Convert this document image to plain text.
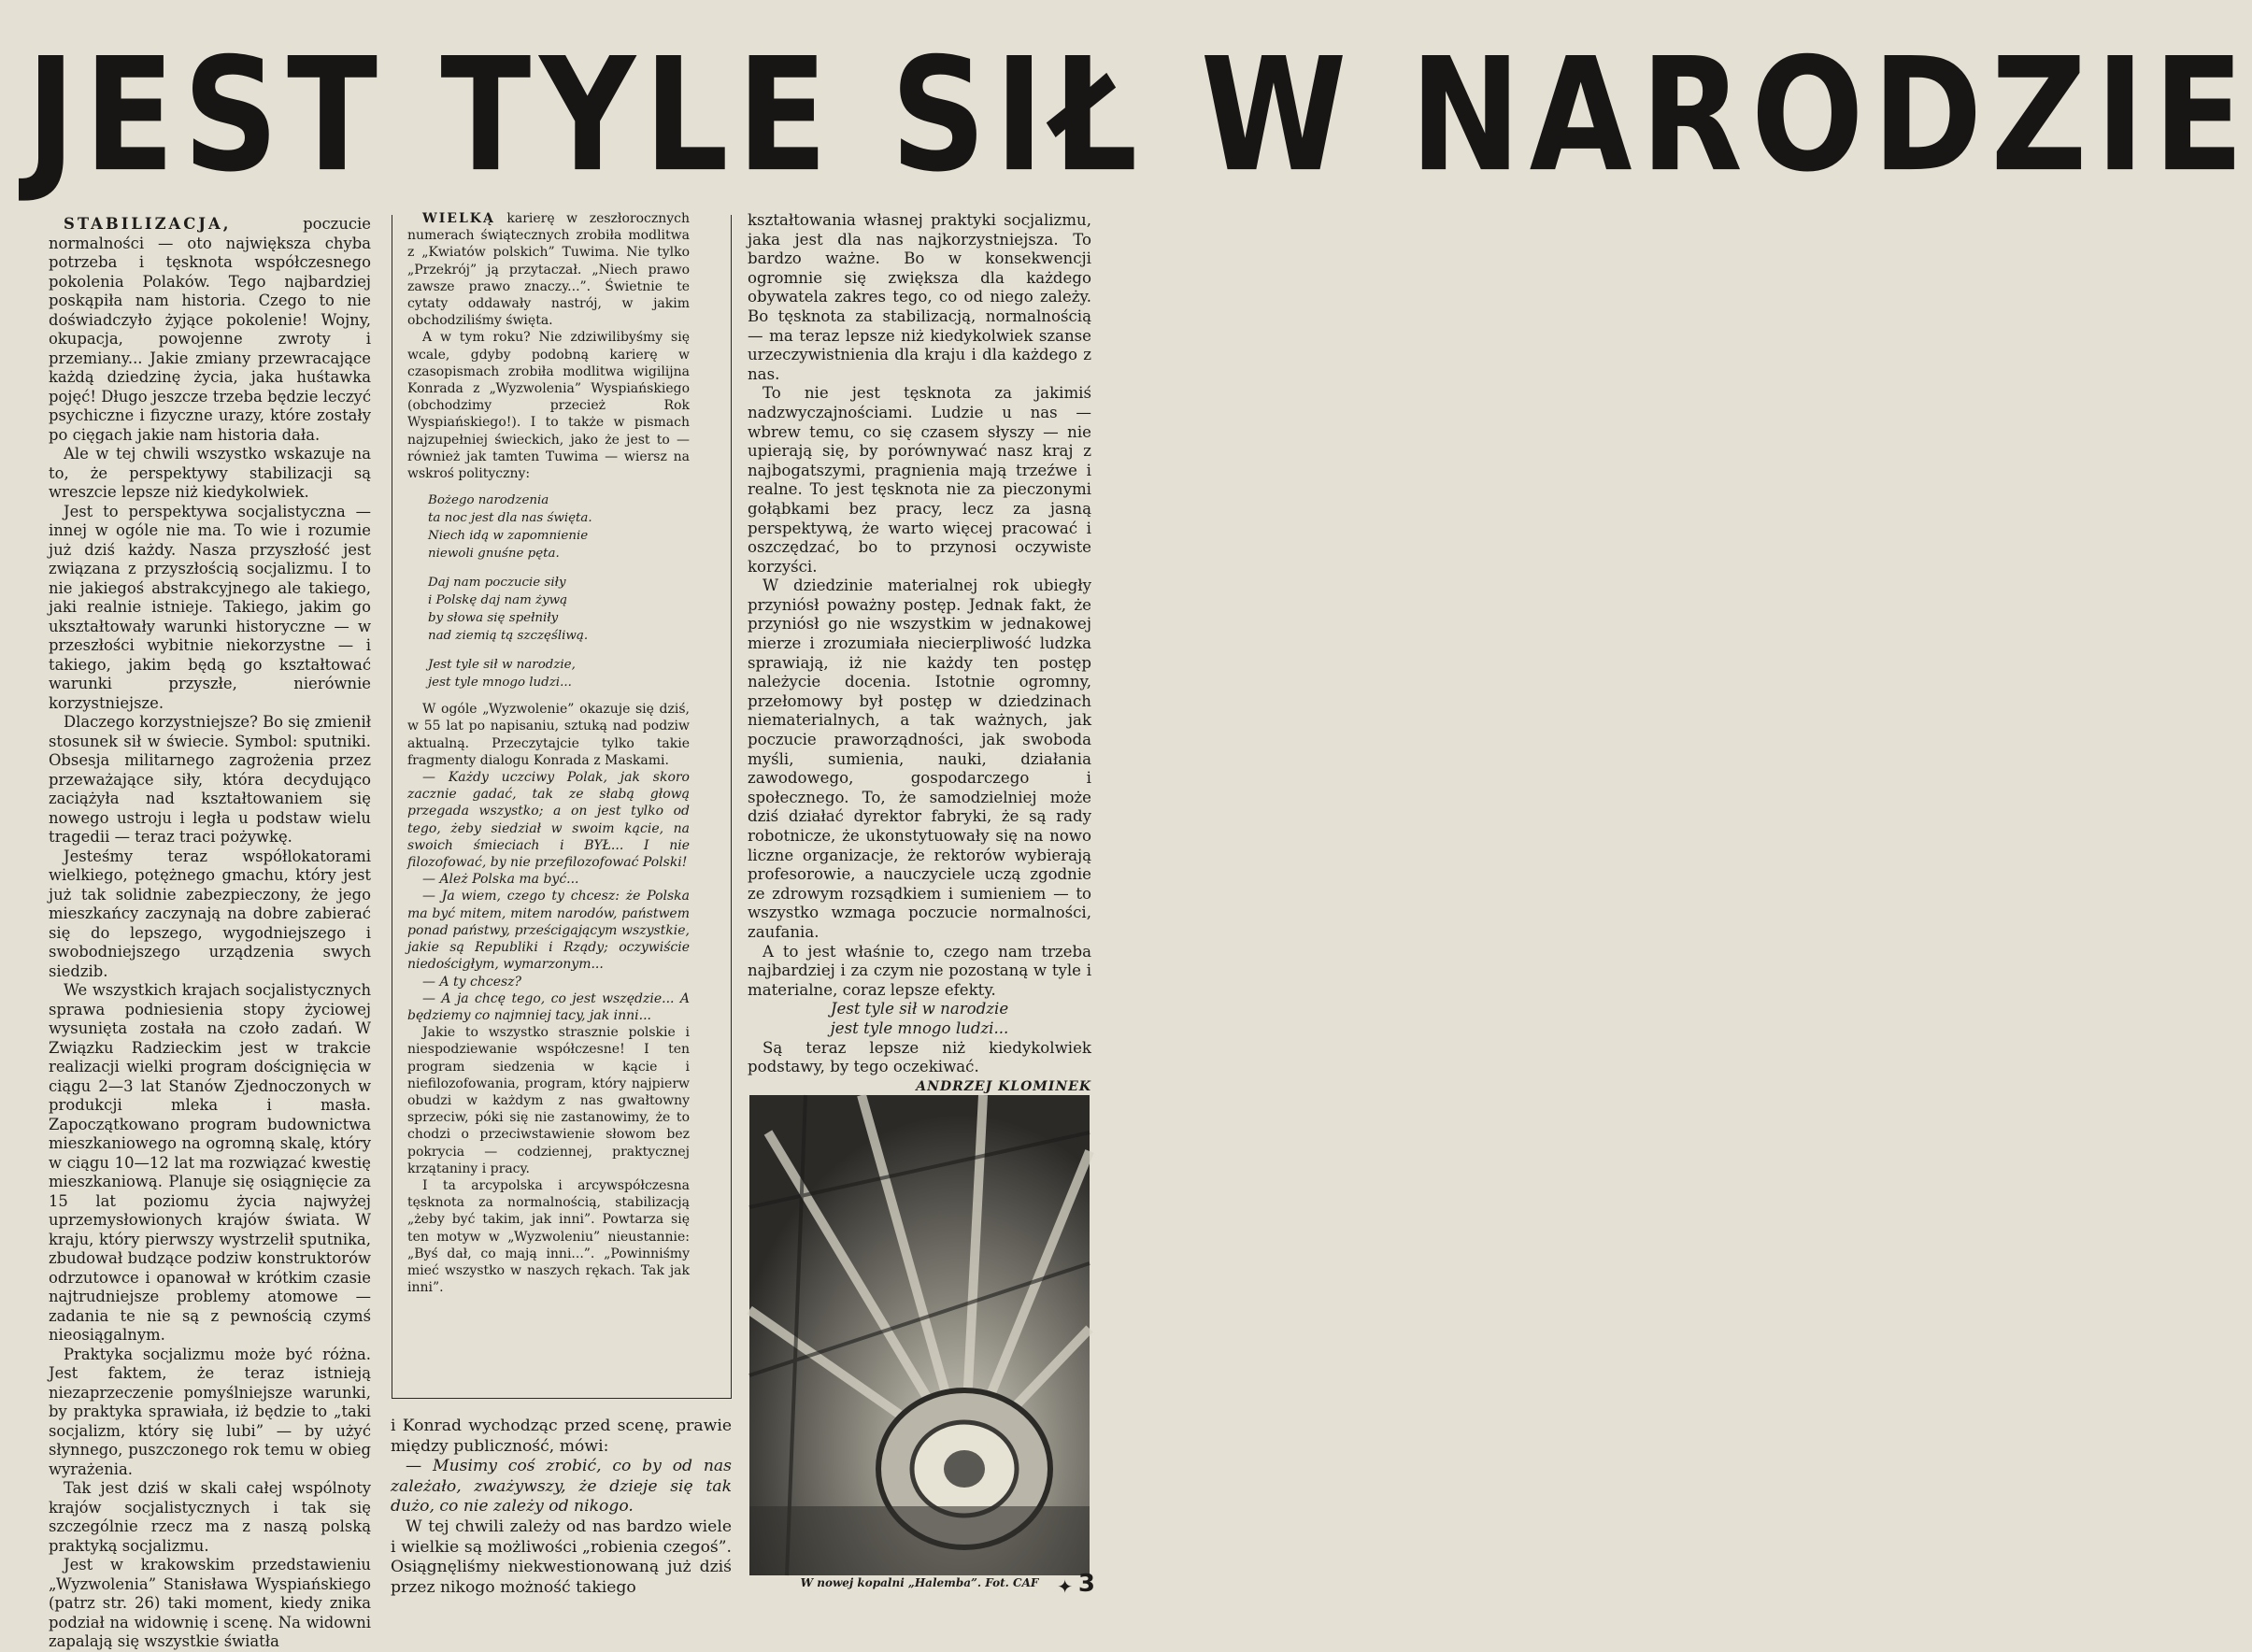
JEST TYLE SIŁ W NARODZIE

STABILIZACJA,	poczucie normalności — oto największa chyba potrzeba i tęsknota współczesnego pokolenia Polaków. Tego najbardziej poskąpiła nam historia. Czego to nie doświadczyło żyjące pokolenie! Wojny, okupacja, powojenne zwroty i przemiany... Jakie zmiany przewracające każdą dziedzinę życia, jaka huśtawka pojęć! Długo jeszcze trzeba będzie leczyć psychiczne i fizyczne urazy, które zostały po cięgach jakie nam historia dała.

Ale w tej chwili wszystko wskazuje na to, że perspektywy stabilizacji są wreszcie lepsze niż kiedykolwiek.

Jest to perspektywa socjalistyczna — innej w ogóle nie ma. To wie i rozumie już dziś każdy. Nasza przyszłość jest związana z przyszłością socjalizmu. I to nie jakiegoś abstrakcyjnego ale takiego, jaki realnie istnieje. Takiego, jakim go ukształtowały warunki historyczne — w przeszłości wybitnie niekorzystne — i takiego, jakim będą go kształtować warunki przyszłe, nierównie korzystniejsze.

Dlaczego korzystniejsze? Bo się zmienił stosunek sił w świecie. Symbol: sputniki. Obsesja militarnego zagrożenia przez przeważające siły, która decydująco zaciążyła nad kształtowaniem się nowego ustroju i legła u podstaw wielu tragedii — teraz traci pożywkę.

Jesteśmy teraz współlokatorami wielkiego, potężnego gmachu, który jest już tak solidnie zabezpieczony, że jego mieszkańcy zaczynają na dobre zabierać się do lepszego, wygodniejszego i swobodniejszego urządzenia swych siedzib.

We wszystkich krajach socjalistycznych sprawa podniesienia stopy życiowej wysunięta została na czoło zadań. W Związku Radzieckim jest w trakcie realizacji wielki program doścignięcia w ciągu 2—3 lat Stanów Zjednoczonych w produkcji mleka i masła. Zapoczątkowano program budownictwa mieszkaniowego na ogromną skalę, który w ciągu 10—12 lat ma rozwiązać kwestię mieszkaniową. Planuje się osiągnięcie za 15 lat poziomu życia najwyżej uprzemysłowionych krajów świata. W kraju, który pierwszy wystrzelił sputnika, zbudował budzące podziw konstruktorów odrzutowce i opanował w krótkim czasie najtrudniejsze problemy atomowe — zadania te nie są z pewnością czymś nieosiągalnym.

Praktyka socjalizmu może być różna. Jest faktem, że teraz istnieją niezaprzeczenie pomyślniejsze warunki, by praktyka sprawiała, iż będzie to „taki socjalizm, który się lubi” — by użyć słynnego, puszczonego rok temu w obieg wyrażenia.

Tak jest dziś w skali całej wspólnoty krajów socjalistycznych i tak się szczególnie rzecz ma z naszą polską praktyką socjalizmu.

Jest w krakowskim przedstawieniu „Wyzwolenia” Stanisława Wyspiańskiego (patrz str. 26) taki moment, kiedy znika podział na widownię i scenę. Na widowni zapalają się wszystkie światła

WIELKĄ karierę w zeszłorocznych numerach świątecznych zrobiła modlitwa z „Kwiatów polskich” Tuwima. Nie tylko „Przekrój” ją przytaczał. „Niech prawo zawsze prawo znaczy...”. Świetnie te cytaty oddawały nastrój, w jakim obchodziliśmy święta.

A w tym roku? Nie zdziwilibyśmy się wcale, gdyby podobną karierę w czasopismach zrobiła modlitwa wigilijna Konrada z „Wyzwolenia” Wyspiańskiego (obchodzimy przecież Rok Wyspiańskiego!). I to także w pismach najzupełniej świeckich, jako że jest to — również jak tamten Tuwima — wiersz na wskroś polityczny:

Bożego narodzenia

ta noc jest dla nas święta.

Niech idą w zapomnienie

niewoli gnuśne pęta.

Daj nam poczucie siły

i Polskę daj nam żywą

by słowa się spełniły

nad ziemią tą szczęśliwą.

Jest tyle sił w narodzie,

jest tyle mnogo ludzi...

W ogóle „Wyzwolenie” okazuje się dziś, w 55 lat po napisaniu, sztuką nad podziw aktualną. Przeczytajcie tylko takie fragmenty dialogu Konrada z Maskami.

— Każdy uczciwy Polak, jak skoro zacznie gadać, tak ze słabą głową przegada wszystko; a on jest tylko od tego, żeby siedział w swoim kącie, na swoich śmieciach i BYŁ... I nie filozofować, by nie przefilozofować Polski!

— Ależ Polska ma być...

— Ja wiem, czego ty chcesz: że Polska ma być mitem, mitem narodów, państwem ponad państwy, prześcigającym wszystkie, jakie są Republiki i Rządy; oczywiście niedościgłym, wymarzonym...

— A ty chcesz?

— A ja chcę tego, co jest wszędzie... A będziemy co najmniej tacy, jak inni...

Jakie to wszystko strasznie polskie i niespodziewanie współczesne! I ten program siedzenia w kącie i niefilozofowania, program, który najpierw obudzi w każdym z nas gwałtowny sprzeciw, póki się nie zastanowimy, że to chodzi o przeciwstawienie słowom bez pokrycia — codziennej, praktycznej krzątaniny i pracy.

I ta arcypolska i arcywspółczesna tęsknota za normalnością, stabilizacją „żeby być takim, jak inni”. Powtarza się ten motyw w „Wyzwoleniu” nieustannie: „Byś dał, co mają inni...”. „Powinniśmy mieć wszystko w naszych rękach. Tak jak inni”.

i Konrad wychodząc przed scenę, prawie między publiczność, mówi:

— Musimy coś zrobić, co by od nas zależało, zważywszy, że dzieje się tak dużo, co nie zależy od nikogo.

W tej chwili zależy od nas bardzo wiele i wielkie są możliwości „robienia czegoś”. Osiągnęliśmy niekwestionowaną już dziś przez nikogo możność takiego

kształtowania własnej praktyki socjalizmu, jaka jest dla nas najkorzystniejsza. To bardzo ważne. Bo w konsekwencji ogromnie się zwiększa dla każdego obywatela zakres tego, co od niego zależy. Bo tęsknota za stabilizacją, normalnością — ma teraz lepsze niż kiedykolwiek szanse urzeczywistnienia dla kraju i dla każdego z nas.

To nie jest tęsknota za jakimiś nadzwyczajnościami. Ludzie u nas — wbrew temu, co się czasem słyszy — nie upierają się, by porównywać nasz kraj z najbogatszymi, pragnienia mają trzeźwe i realne. To jest tęsknota nie za pieczonymi gołąbkami bez pracy, lecz za jasną perspektywą, że warto więcej pracować i oszczędzać, bo to przynosi oczywiste korzyści.

W dziedzinie materialnej rok ubiegły przyniósł poważny postęp. Jednak fakt, że przyniósł go nie wszystkim w jednakowej mierze i zrozumiała niecierpliwość ludzka sprawiają, iż nie każdy ten postęp należycie docenia. Istotnie ogromny, przełomowy był postęp w dziedzinach niematerialnych, a tak ważnych, jak poczucie praworządności, jak swoboda myśli, sumienia, nauki, działania zawodowego, gospodarczego i społecznego. To, że samodzielniej może dziś działać dyrektor fabryki, że są rady robotnicze, że ukonstytuowały się na nowo liczne organizacje, że rektorów wybierają profesorowie, a nauczyciele uczą zgodnie ze zdrowym rozsądkiem i sumieniem — to wszystko wzmaga poczucie normalności, zaufania.

A to jest właśnie to, czego nam trzeba najbardziej i za czym nie pozostaną w tyle i materialne, coraz lepsze efekty.

Jest tyle sił w narodzie

jest tyle mnogo ludzi...

Są teraz lepsze niż kiedykolwiek podstawy, by tego oczekiwać.

ANDRZEJ KLOMINEK

W nowej kopalni „Halemba”. Fot. CAF ✦ 3
